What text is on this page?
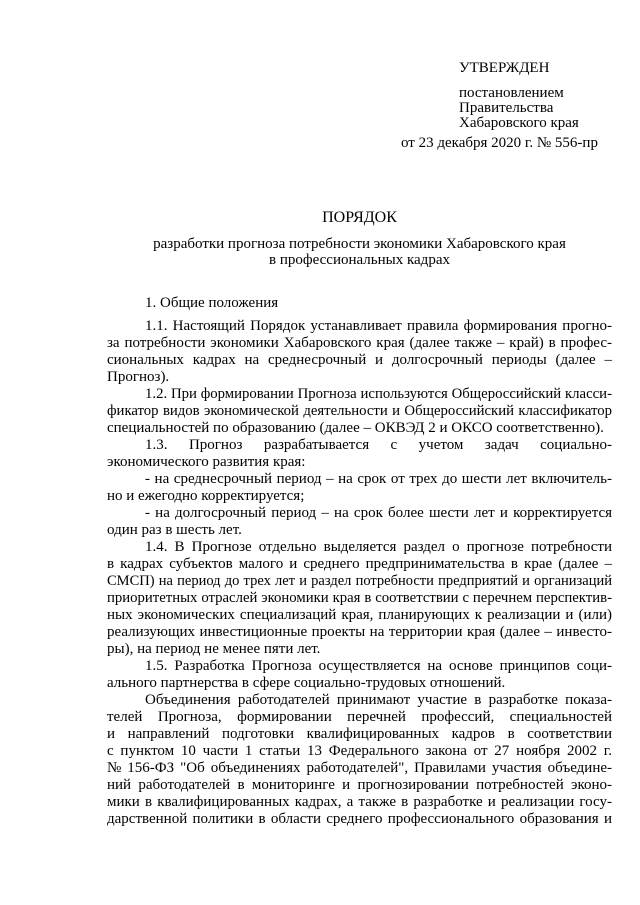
УТВЕРЖДЕН
постановлением
Правительства
Хабаровского края
от 23 декабря 2020 г. № 556-пр
ПОРЯДОК
разработки прогноза потребности экономики Хабаровского края
в профессиональных кадрах
1. Общие положения
1.1. Настоящий Порядок устанавливает правила формирования прогно-
за потребности экономики Хабаровского края (далее также – край) в профес-
сиональных кадрах на среднесрочный и долгосрочный периоды (далее –
Прогноз).
1.2. При формировании Прогноза используются Общероссийский класси-
фикатор видов экономической деятельности и Общероссийский классификатор
специальностей по образованию (далее – ОКВЭД 2 и ОКСО соответственно).
1.3. Прогноз разрабатывается с учетом задач социально-
экономического развития края:
- на среднесрочный период – на срок от трех до шести лет включитель-
но и ежегодно корректируется;
- на долгосрочный период – на срок более шести лет и корректируется
один раз в шесть лет.
1.4. В Прогнозе отдельно выделяется раздел о прогнозе потребности
в кадрах субъектов малого и среднего предпринимательства в крае (далее –
СМСП) на период до трех лет и раздел потребности предприятий и организаций
приоритетных отраслей экономики края в соответствии с перечнем перспектив-
ных экономических специализаций края, планирующих к реализации и (или)
реализующих инвестиционные проекты на территории края (далее – инвесто-
ры), на период не менее пяти лет.
1.5. Разработка Прогноза осуществляется на основе принципов соци-
ального партнерства в сфере социально-трудовых отношений.
Объединения работодателей принимают участие в разработке показа-
телей Прогноза, формировании перечней профессий, специальностей
и направлений подготовки квалифицированных кадров в соответствии
с пунктом 10 части 1 статьи 13 Федерального закона от 27 ноября 2002 г.
№ 156-ФЗ "Об объединениях работодателей", Правилами участия объедине-
ний работодателей в мониторинге и прогнозировании потребностей эконо-
мики в квалифицированных кадрах, а также в разработке и реализации госу-
дарственной политики в области среднего профессионального образования и
